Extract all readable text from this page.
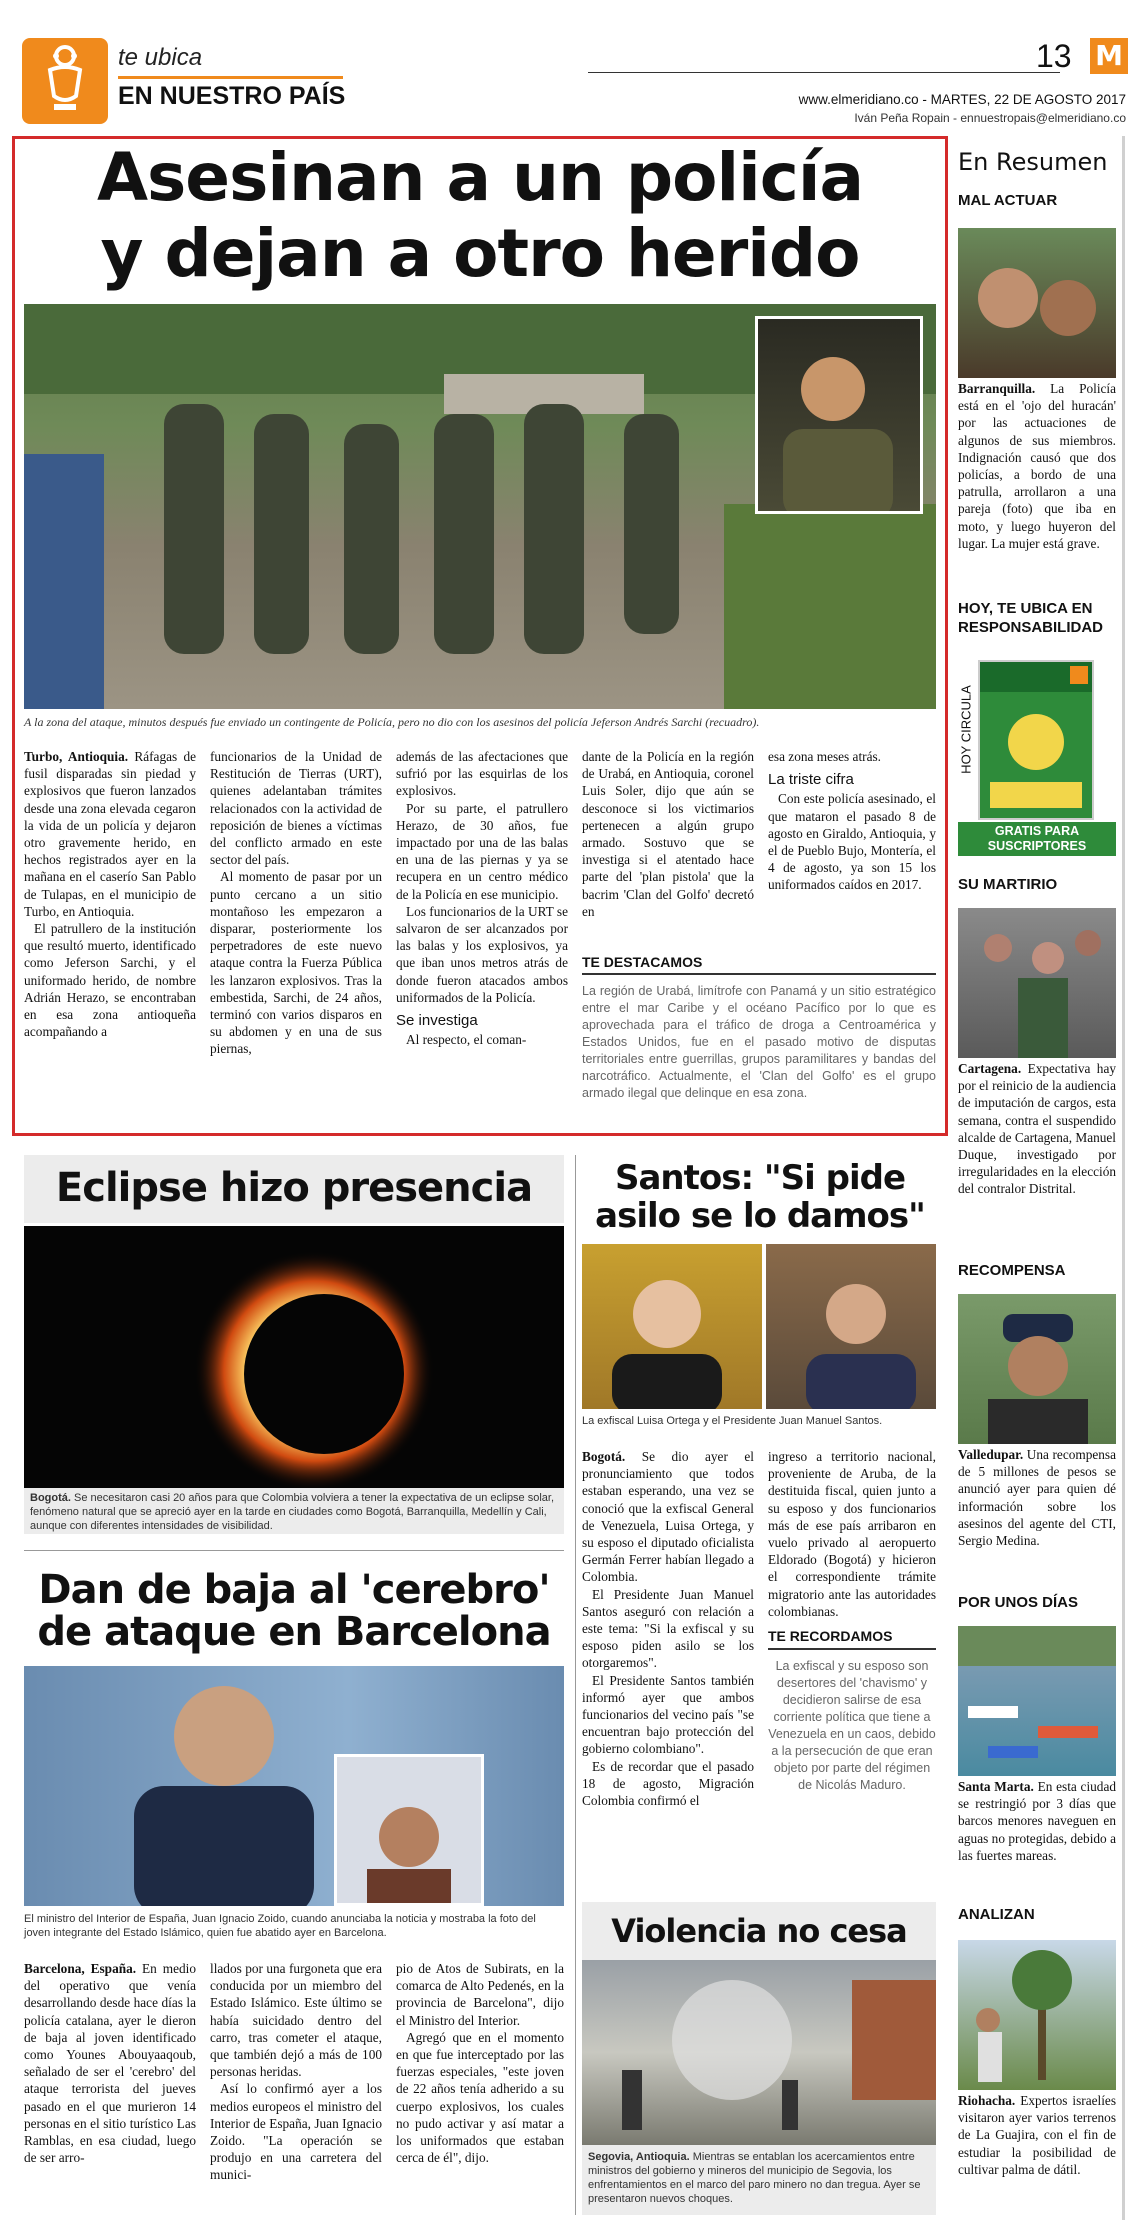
te ubica
EN NUESTRO PAÍS
13 M
www.elmeridiano.co - MARTES, 22 DE AGOSTO 2017
Iván Peña Ropain - ennuestropais@elmeridiano.co
Asesinan a un policía
y dejan a otro herido
A la zona del ataque, minutos después fue enviado un contingente de Policía, pero no dio con los asesinos del policía Jeferson Andrés Sarchi (recuadro).

Turbo, Antioquia. Ráfagas de fusil disparadas sin piedad y explosivos que fueron lanzados desde una zona elevada cegaron la vida de un policía y dejaron otro gravemente herido, en hechos registrados ayer en la mañana en el caserío San Pablo de Tulapas, en el municipio de Turbo, en Antioquia.

El patrullero de la institución que resultó muerto, identificado como Jeferson Sarchi, y el uniformado herido, de nombre Adrián Herazo, se encontraban en esa zona antioqueña acompañando a

funcionarios de la Unidad de Restitución de Tierras (URT), quienes adelantaban trámites relacionados con la actividad de reposición de bienes a víctimas del conflicto armado en este sector del país.

Al momento de pasar por un punto cercano a un sitio montañoso les empezaron a disparar, posteriormente los perpetradores de este nuevo ataque contra la Fuerza Pública les lanzaron explosivos. Tras la embestida, Sarchi, de 24 años, terminó con varios disparos en su abdomen y en una de sus piernas,

además de las afectaciones que sufrió por las esquirlas de los explosivos.

Por su parte, el patrullero Herazo, de 30 años, fue impactado por una de las balas en una de las piernas y ya se recupera en un centro médico de la Policía en ese municipio.

Los funcionarios de la URT se salvaron de ser alcanzados por las balas y los explosivos, ya que iban unos metros atrás de donde fueron atacados ambos uniformados de la Policía.

Se investiga

Al respecto, el coman-

dante de la Policía en la región de Urabá, en Antioquia, coronel Luis Soler, dijo que aún se desconoce si los victimarios pertenecen a algún grupo armado. Sostuvo que se investiga si el atentado hace parte del 'plan pistola' que la bacrim 'Clan del Golfo' decretó en

esa zona meses atrás.

La triste cifra

Con este policía asesinado, el que mataron el pasado 8 de agosto en Giraldo, Antioquia, y el de Pueblo Bujo, Montería, el 4 de agosto, ya son 15 los uniformados caídos en 2017.

TE DESTACAMOS
La región de Urabá, limítrofe con Panamá y un sitio estratégico entre el mar Caribe y el océano Pacífico por lo que es aprovechada para el tráfico de droga a Centroamérica y Estados Unidos, fue en el pasado motivo de disputas territoriales entre guerrillas, grupos paramilitares y bandas del narcotráfico. Actualmente, el 'Clan del Golfo' es el grupo armado ilegal que delinque en esa zona.
Eclipse hizo presencia
Bogotá. Se necesitaron casi 20 años para que Colombia volviera a tener la expectativa de un eclipse solar, fenómeno natural que se apreció ayer en la tarde en ciudades como Bogotá, Barranquilla, Medellín y Cali, aunque con diferentes intensidades de visibilidad.
Dan de baja al 'cerebro'
de ataque en Barcelona
El ministro del Interior de España, Juan Ignacio Zoido, cuando anunciaba la noticia y mostraba la foto del joven integrante del Estado Islámico, quien fue abatido ayer en Barcelona.

Barcelona, España. En medio del operativo que venía desarrollando desde hace días la policía catalana, ayer le dieron de baja al joven identificado como Younes Abouyaaqoub, señalado de ser el 'cerebro' del ataque terrorista del jueves pasado en el que murieron 14 personas en el sitio turístico Las Ramblas, en esa ciudad, luego de ser arro-

llados por una furgoneta que era conducida por un miembro del Estado Islámico. Este último se había suicidado dentro del carro, tras cometer el ataque, que también dejó a más de 100 personas heridas.

Así lo confirmó ayer a los medios europeos el ministro del Interior de España, Juan Ignacio Zoido. "La operación se produjo en una carretera del munici-

pio de Atos de Subirats, en la comarca de Alto Pedenés, en la provincia de Barcelona", dijo el Ministro del Interior.

Agregó que en el momento en que fue interceptado por las fuerzas especiales, "este joven de 22 años tenía adherido a su cuerpo explosivos, los cuales no pudo activar y así matar a los uniformados que estaban cerca de él", dijo.

Santos: "Si pide
asilo se lo damos"
La exfiscal Luisa Ortega y el Presidente Juan Manuel Santos.

Bogotá. Se dio ayer el pronunciamiento que todos estaban esperando, una vez se conoció que la exfiscal General de Venezuela, Luisa Ortega, y su esposo el diputado oficialista Germán Ferrer habían llegado a Colombia.

El Presidente Juan Manuel Santos aseguró con relación a este tema: "Si la exfiscal y su esposo piden asilo se los otorgaremos".

El Presidente Santos también informó ayer que ambos funcionarios del vecino país "se encuentran bajo protección del gobierno colombiano".

Es de recordar que el pasado 18 de agosto, Migración Colombia confirmó el

ingreso a territorio nacional, proveniente de Aruba, de la destituida fiscal, quien junto a su esposo y dos funcionarios más de ese país arribaron en vuelo privado al aeropuerto Eldorado (Bogotá) y hicieron el correspondiente trámite migratorio ante las autoridades colombianas.

TE RECORDAMOS
La exfiscal y su esposo son desertores del 'chavismo' y decidieron salirse de esa corriente política que tiene a Venezuela en un caos, debido a la persecución de que eran objeto por parte del régimen de Nicolás Maduro.
Violencia no cesa
Segovia, Antioquia. Mientras se entablan los acercamientos entre ministros del gobierno y mineros del municipio de Segovia, los enfrentamientos en el marco del paro minero no dan tregua. Ayer se presentaron nuevos choques.
En Resumen
MAL ACTUAR
Barranquilla. La Policía está en el 'ojo del huracán' por las actuaciones de algunos de sus miembros. Indignación causó que dos policías, a bordo de una patrulla, arrollaron a una pareja (foto) que iba en moto, y luego huyeron del lugar. La mujer está grave.
HOY, TE UBICA EN
RESPONSABILIDAD
HOY CIRCULA
GRATIS PARA
SUSCRIPTORES
SU MARTIRIO
Cartagena. Expectativa hay por el reinicio de la audiencia de imputación de cargos, esta semana, contra el suspendido alcalde de Cartagena, Manuel Duque, investigado por irregularidades en la elección del contralor Distrital.
RECOMPENSA
Valledupar. Una recompensa de 5 millones de pesos se anunció ayer para quien dé información sobre los asesinos del agente del CTI, Sergio Medina.
POR UNOS DÍAS
Santa Marta. En esta ciudad se restringió por 3 días que barcos menores naveguen en aguas no protegidas, debido a las fuertes mareas.
ANALIZAN
Riohacha. Expertos israelíes visitaron ayer varios terrenos de La Guajira, con el fin de estudiar la posibilidad de cultivar palma de dátil.
